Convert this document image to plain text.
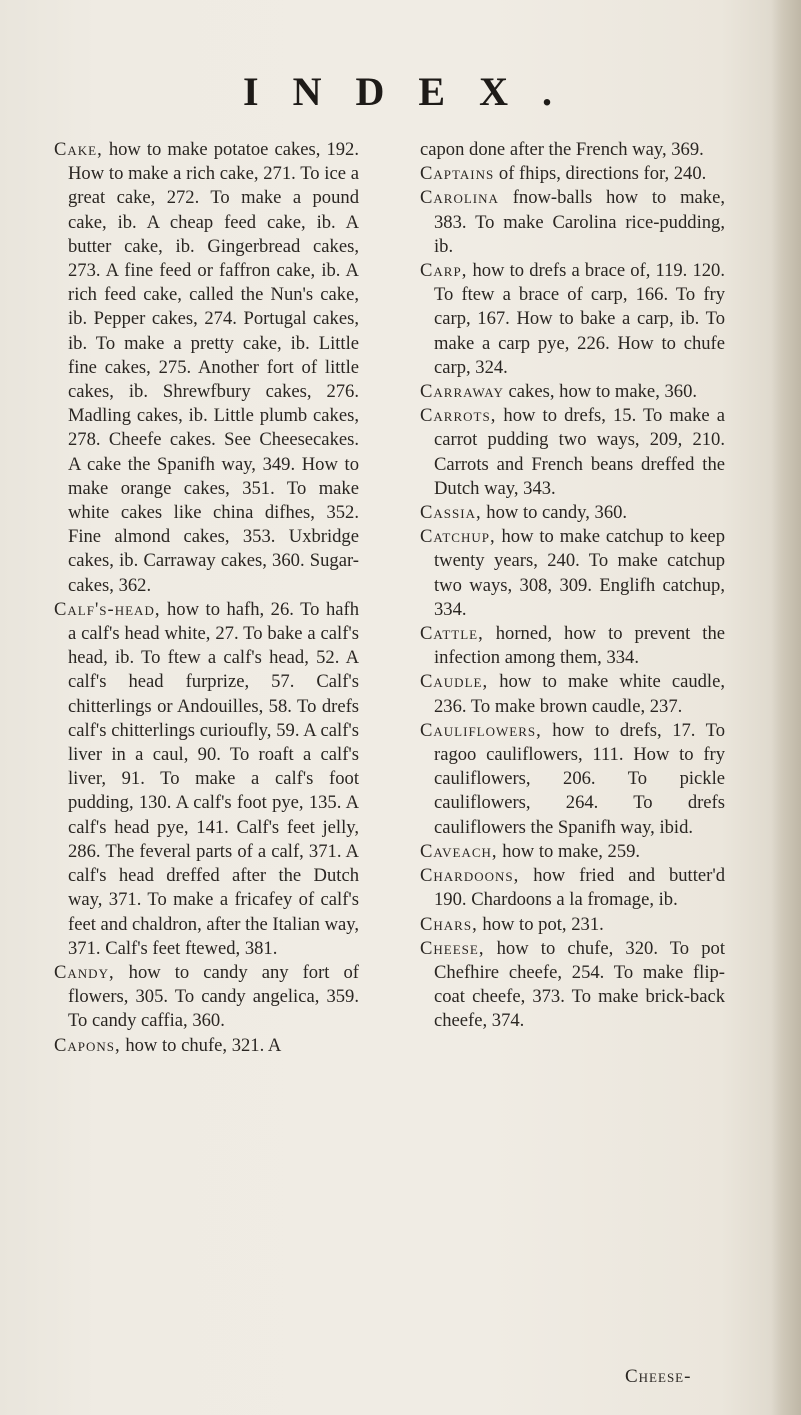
INDEX.

Cake, how to make potatoe cakes, 192. How to make a rich cake, 271. To ice a great cake, 272. To make a pound cake, ib. A cheap feed cake, ib. A butter cake, ib. Gingerbread cakes, 273. A fine feed or faffron cake, ib. A rich feed cake, called the Nun's cake, ib. Pepper cakes, 274. Portugal cakes, ib. To make a pretty cake, ib. Little fine cakes, 275. Another fort of little cakes, ib. Shrewfbury cakes, 276. Madling cakes, ib. Little plumb cakes, 278. Cheefe cakes. See Cheesecakes. A cake the Spanifh way, 349. How to make orange cakes, 351. To make white cakes like china difhes, 352. Fine almond cakes, 353. Uxbridge cakes, ib. Carraway cakes, 360. Sugar-cakes, 362.

Calf's-head, how to hafh, 26. To hafh a calf's head white, 27. To bake a calf's head, ib. To ftew a calf's head, 52. A calf's head furprize, 57. Calf's chitterlings or Andouilles, 58. To drefs calf's chitterlings curioufly, 59. A calf's liver in a caul, 90. To roaft a calf's liver, 91. To make a calf's foot pudding, 130. A calf's foot pye, 135. A calf's head pye, 141. Calf's feet jelly, 286. The feveral parts of a calf, 371. A calf's head dreffed after the Dutch way, 371. To make a fricafey of calf's feet and chaldron, after the Italian way, 371. Calf's feet ftewed, 381.

Candy, how to candy any fort of flowers, 305. To candy angelica, 359. To candy caffia, 360.

Capons, how to chufe, 321. A

capon done after the French way, 369.

Captains of fhips, directions for, 240.

Carolina fnow-balls how to make, 383. To make Carolina rice-pudding, ib.

Carp, how to drefs a brace of, 119. 120. To ftew a brace of carp, 166. To fry carp, 167. How to bake a carp, ib. To make a carp pye, 226. How to chufe carp, 324.

Carraway cakes, how to make, 360.

Carrots, how to drefs, 15. To make a carrot pudding two ways, 209, 210. Carrots and French beans dreffed the Dutch way, 343.

Cassia, how to candy, 360.

Catchup, how to make catchup to keep twenty years, 240. To make catchup two ways, 308, 309. Englifh catchup, 334.

Cattle, horned, how to prevent the infection among them, 334.

Caudle, how to make white caudle, 236. To make brown caudle, 237.

Cauliflowers, how to drefs, 17. To ragoo cauliflowers, 111. How to fry cauliflowers, 206. To pickle cauliflowers, 264. To drefs cauliflowers the Spanifh way, ibid.

Caveach, how to make, 259.

Chardoons, how fried and butter'd 190. Chardoons a la fromage, ib.

Chars, how to pot, 231.

Cheese, how to chufe, 320. To pot Chefhire cheefe, 254. To make flip-coat cheefe, 373. To make brick-back cheefe, 374.

Cheese-
